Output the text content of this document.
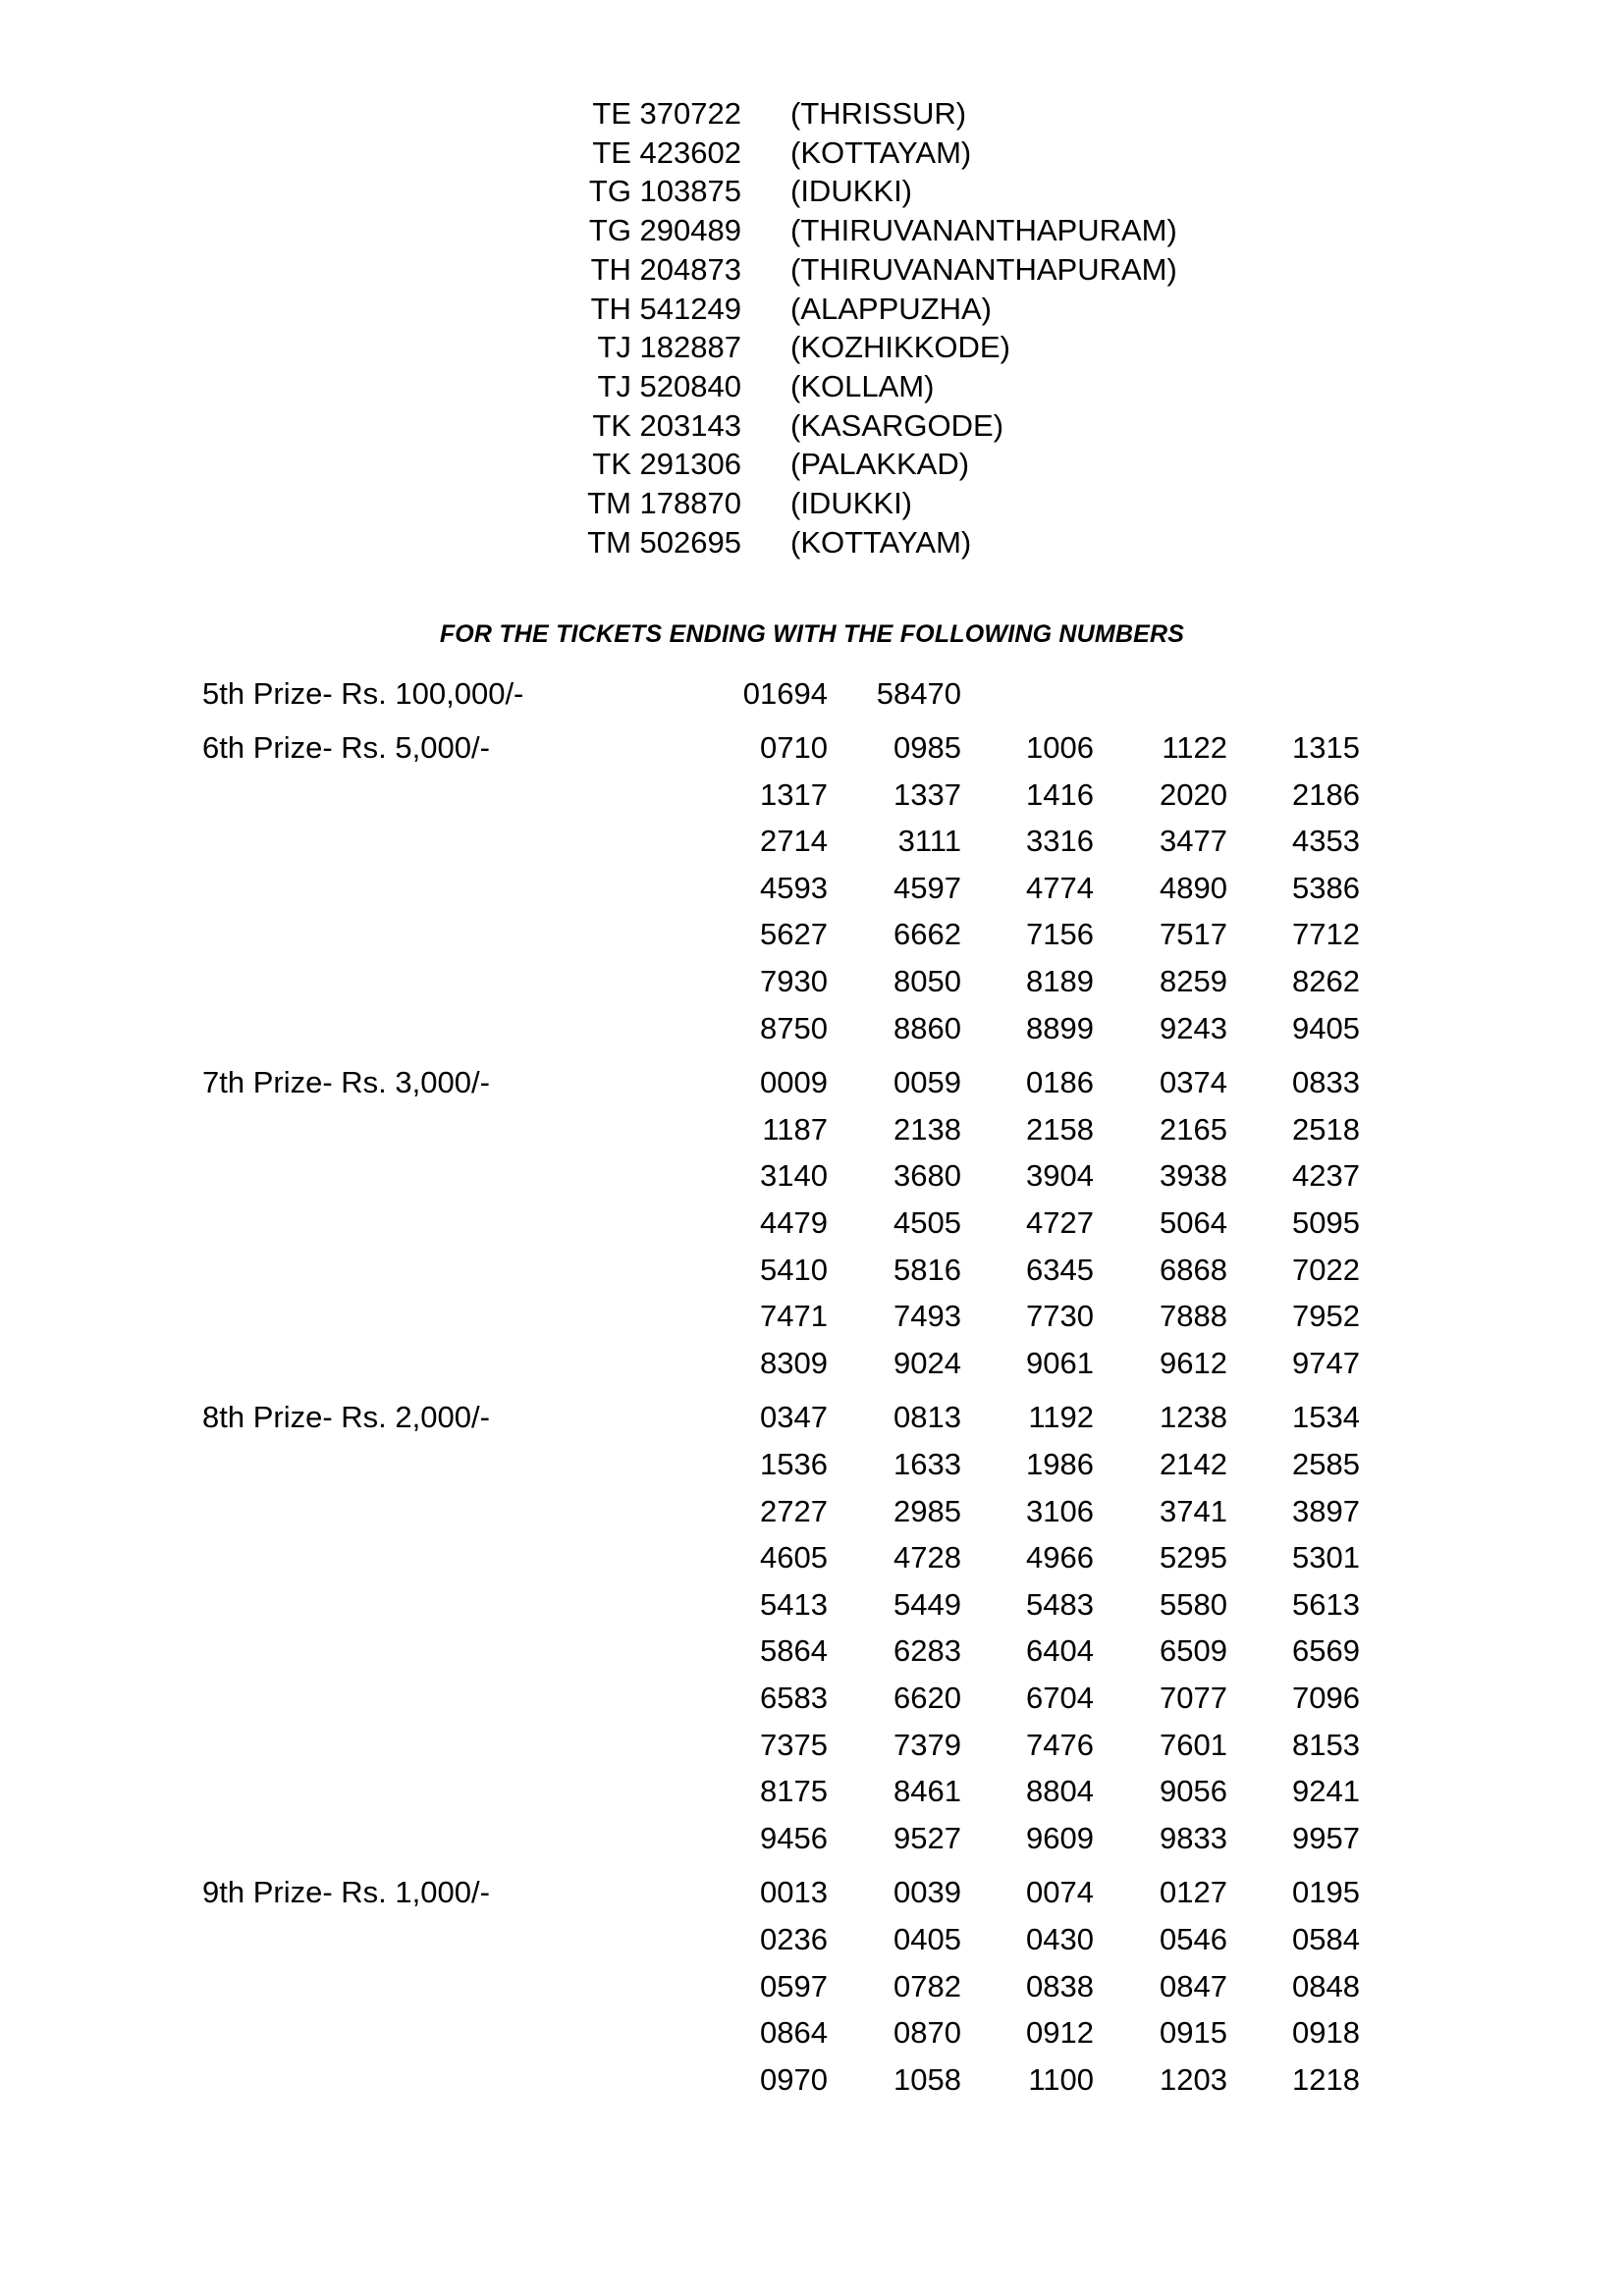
TE 370722 (THRISSUR)
TE 423602 (KOTTAYAM)
TG 103875 (IDUKKI)
TG 290489 (THIRUVANANTHAPURAM)
TH 204873 (THIRUVANANTHAPURAM)
TH 541249 (ALAPPUZHA)
TJ 182887 (KOZHIKKODE)
TJ 520840 (KOLLAM)
TK 203143 (KASARGODE)
TK 291306 (PALAKKAD)
TM 178870 (IDUKKI)
TM 502695 (KOTTAYAM)
FOR THE TICKETS ENDING WITH THE FOLLOWING NUMBERS
5th Prize- Rs. 100,000/-	01694	58470
6th Prize- Rs. 5,000/-	0710	0985	1006	1122	1315
1317	1337	1416	2020	2186
2714	3111	3316	3477	4353
4593	4597	4774	4890	5386
5627	6662	7156	7517	7712
7930	8050	8189	8259	8262
8750	8860	8899	9243	9405
7th Prize- Rs. 3,000/-	0009	0059	0186	0374	0833
1187	2138	2158	2165	2518
3140	3680	3904	3938	4237
4479	4505	4727	5064	5095
5410	5816	6345	6868	7022
7471	7493	7730	7888	7952
8309	9024	9061	9612	9747
8th Prize- Rs. 2,000/-	0347	0813	1192	1238	1534
1536	1633	1986	2142	2585
2727	2985	3106	3741	3897
4605	4728	4966	5295	5301
5413	5449	5483	5580	5613
5864	6283	6404	6509	6569
6583	6620	6704	7077	7096
7375	7379	7476	7601	8153
8175	8461	8804	9056	9241
9456	9527	9609	9833	9957
9th Prize- Rs. 1,000/-	0013	0039	0074	0127	0195
0236	0405	0430	0546	0584
0597	0782	0838	0847	0848
0864	0870	0912	0915	0918
0970	1058	1100	1203	1218
